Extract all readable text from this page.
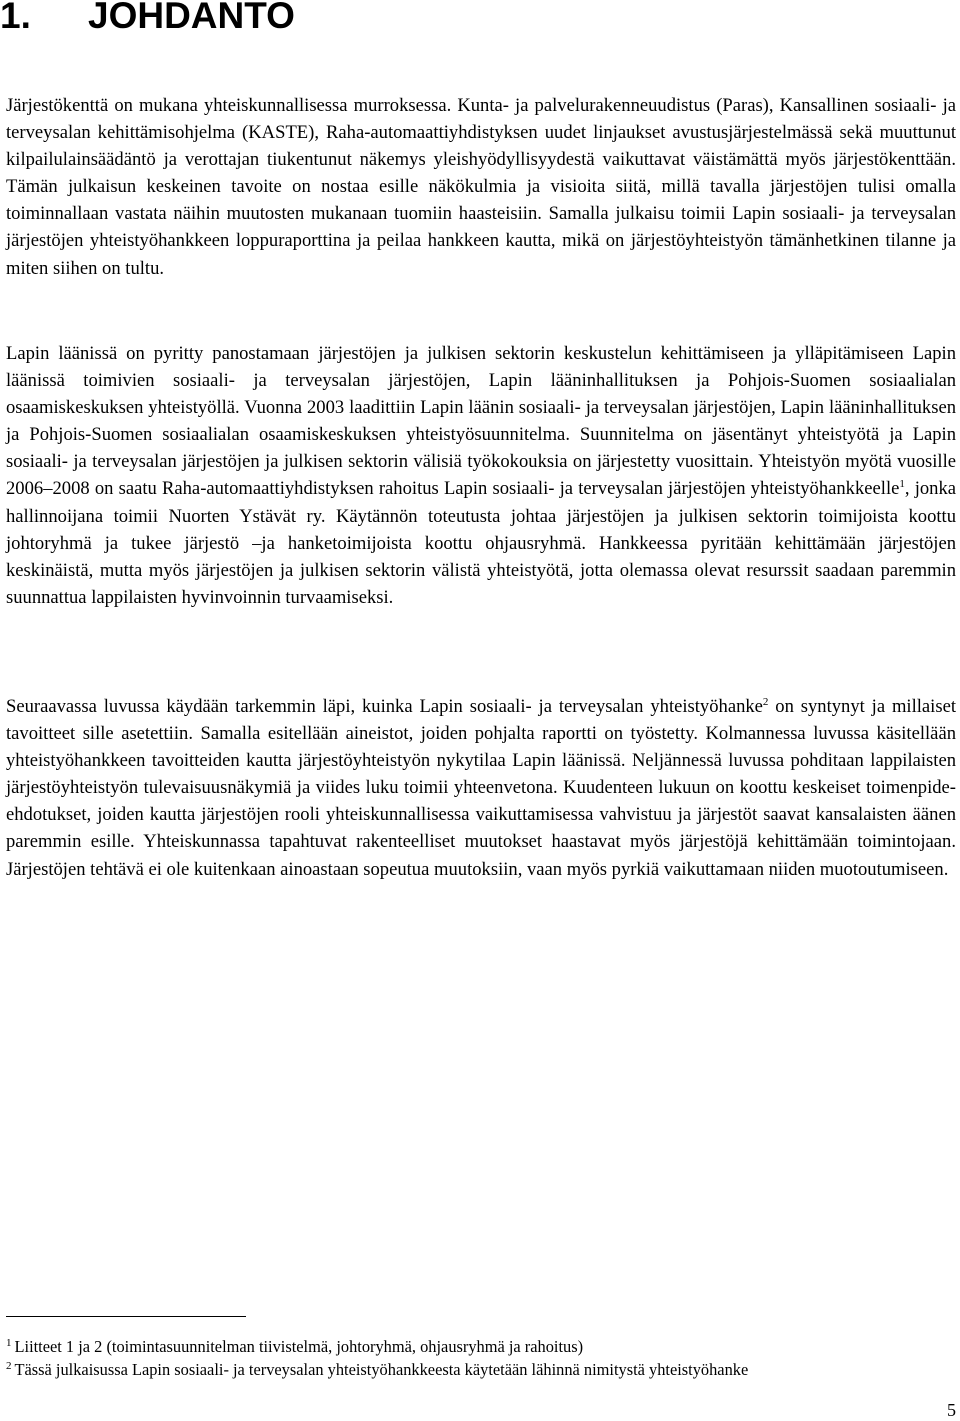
1. JOHDANTO

Järjestökenttä on mukana yhteiskunnallisessa murroksessa. Kunta- ja palvelurakenneuudistus (Paras), Kansallinen sosiaali- ja terveysalan kehittämisohjelma (KASTE), Raha-automaattiyhdistyksen uudet linjaukset avustusjärjestelmässä sekä muuttunut kilpailulainsäädäntö ja verottajan tiukentunut näkemys yleishyödyllisyydestä vaikuttavat väistämättä myös järjestökenttään. Tämän julkaisun keskeinen tavoite on nostaa esille näkökulmia ja visioita siitä, millä tavalla järjestöjen tulisi omalla toiminnallaan vastata näihin muutosten mukanaan tuomiin haasteisiin. Samalla julkaisu toimii Lapin sosiaali- ja terveysalan järjestöjen yhteistyöhankkeen loppuraporttina ja peilaa hankkeen kautta, mikä on järjestöyhteistyön tämänhetkinen tilanne ja miten siihen on tultu.

Lapin läänissä on pyritty panostamaan järjestöjen ja julkisen sektorin keskustelun kehittämiseen ja ylläpitämiseen Lapin läänissä toimivien sosiaali- ja terveysalan järjestöjen, Lapin lääninhallituksen ja Pohjois-Suomen sosiaalialan osaamiskeskuksen yhteistyöllä. Vuonna 2003 laadittiin Lapin läänin sosiaali- ja terveysalan järjestöjen, Lapin lääninhallituksen ja Pohjois-Suomen sosiaalialan osaamiskeskuksen yhteistyösuunnitelma. Suunnitelma on jäsentänyt yhteistyötä ja Lapin sosiaali- ja terveysalan järjestöjen ja julkisen sektorin välisiä työkokouksia on järjestetty vuosittain. Yhteistyön myötä vuosille 2006–2008 on saatu Raha-automaattiyhdistyksen rahoitus Lapin sosiaali- ja terveysalan järjestöjen yhteistyöhankkeelle$^1$, jonka hallinnoijana toimii Nuorten Ystävät ry. Käytännön toteutusta johtaa järjestöjen ja julkisen sektorin toimijoista koottu johtoryhmä ja tukee järjestö –ja hanketoimijoista koottu ohjausryhmä. Hankkeessa pyritään kehittämään järjestöjen keskinäistä, mutta myös järjestöjen ja julkisen sektorin välistä yhteistyötä, jotta olemassa olevat resurssit saadaan paremmin suunnattua lappilaisten hyvinvoinnin turvaamiseksi.

Seuraavassa luvussa käydään tarkemmin läpi, kuinka Lapin sosiaali- ja terveysalan yhteistyöhanke$^2$ on syntynyt ja millaiset tavoitteet sille asetettiin. Samalla esitellään aineistot, joiden pohjalta raportti on työstetty. Kolmannessa luvussa käsitellään yhteistyöhankkeen tavoitteiden kautta järjestöyhteistyön nykytilaa Lapin läänissä. Neljännessä luvussa pohditaan lappilaisten järjestöyhteistyön tulevaisuusnäkymiä ja viides luku toimii yhteenvetona. Kuudenteen lukuun on koottu keskeiset toimenpide-ehdotukset, joiden kautta järjestöjen rooli yhteiskunnallisessa vaikuttamisessa vahvistuu ja järjestöt saavat kansalaisten äänen paremmin esille. Yhteiskunnassa tapahtuvat rakenteelliset muutokset haastavat myös järjestöjä kehittämään toimintojaan. Järjestöjen tehtävä ei ole kuitenkaan ainoastaan sopeutua muutoksiin, vaan myös pyrkiä vaikuttamaan niiden muotoutumiseen.

$^1$ Liitteet 1 ja 2 (toimintasuunnitelman tiivistelmä, johtoryhmä, ohjausryhmä ja rahoitus)

$^2$ Tässä julkaisussa Lapin sosiaali- ja terveysalan yhteistyöhankkeesta käytetään lähinnä nimitystä yhteistyöhanke

5
